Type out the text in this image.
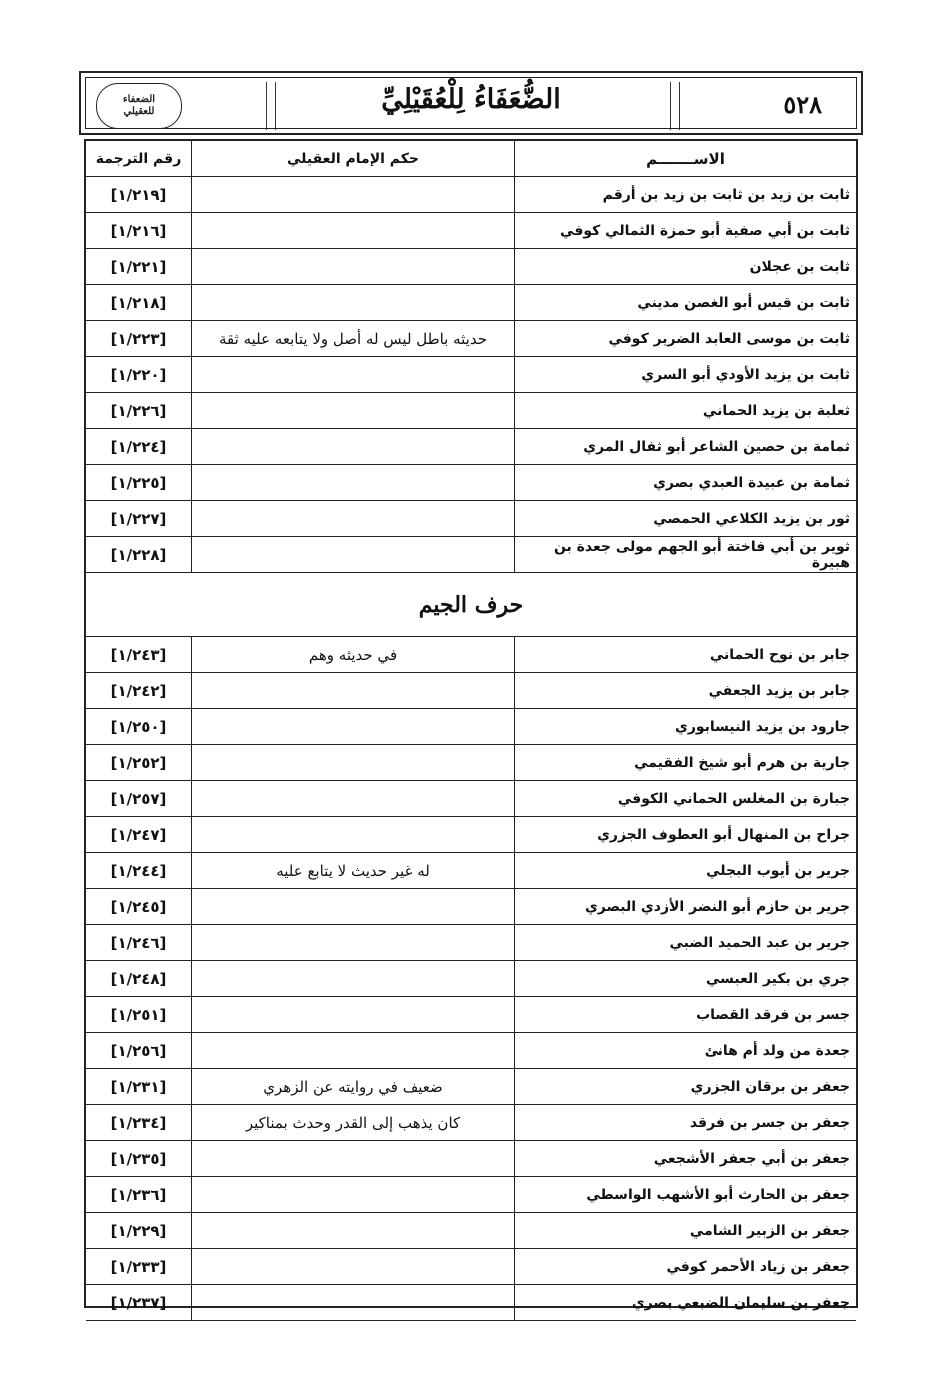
الضعفاء
للعقيلي	الضُّعَفَاءُ لِلْعُقَيْلِيِّ	٥٢٨
الاســـــــم
حكم الإمام العقيلي
رقم الترجمة
ثابت بن زيد بن ثابت بن زيد بن أرقم
[١/٢١٩]
ثابت بن أبي صفية أبو حمزة الثمالي كوفي
[١/٢١٦]
ثابت بن عجلان
[١/٢٢١]
ثابت بن قيس أبو الغصن مديني
[١/٢١٨]
ثابت بن موسى العابد الضرير كوفي
حديثه باطل ليس له أصل ولا يتابعه عليه ثقة
[١/٢٢٣]
ثابت بن يزيد الأودي أبو السري
[١/٢٢٠]
ثعلبة بن يزيد الحماني
[١/٢٢٦]
ثمامة بن حصين الشاعر أبو ثفال المري
[١/٢٢٤]
ثمامة بن عبيدة العبدي بصري
[١/٢٢٥]
ثور بن يزيد الكلاعي الحمصي
[١/٢٢٧]
ثوير بن أبي فاختة أبو الجهم مولى جعدة بن هبيرة
[١/٢٢٨]
حرف الجيم
جابر بن نوح الحماني
في حديثه وهم
[١/٢٤٣]
جابر بن يزيد الجعفي
[١/٢٤٢]
جارود بن يزيد النيسابوري
[١/٢٥٠]
جارية بن هرم أبو شيخ الفقيمي
[١/٢٥٢]
جبارة بن المغلس الحماني الكوفي
[١/٢٥٧]
جراح بن المنهال أبو العطوف الجزري
[١/٢٤٧]
جرير بن أيوب البجلي
له غير حديث لا يتابع عليه
[١/٢٤٤]
جرير بن حازم أبو النضر الأزدي البصري
[١/٢٤٥]
جرير بن عبد الحميد الضبي
[١/٢٤٦]
جري بن بكير العبسي
[١/٢٤٨]
جسر بن فرقد القصاب
[١/٢٥١]
جعدة من ولد أم هانئ
[١/٢٥٦]
جعفر بن برقان الجزري
ضعيف في روايته عن الزهري
[١/٢٣١]
جعفر بن جسر بن فرقد
كان يذهب إلى القدر وحدث بمناكير
[١/٢٣٤]
جعفر بن أبي جعفر الأشجعي
[١/٢٣٥]
جعفر بن الحارث أبو الأشهب الواسطي
[١/٢٣٦]
جعفر بن الزبير الشامي
[١/٢٢٩]
جعفر بن زياد الأحمر كوفي
[١/٢٣٣]
جعفر بن سليمان الضبعي بصري
[١/٢٣٧]
